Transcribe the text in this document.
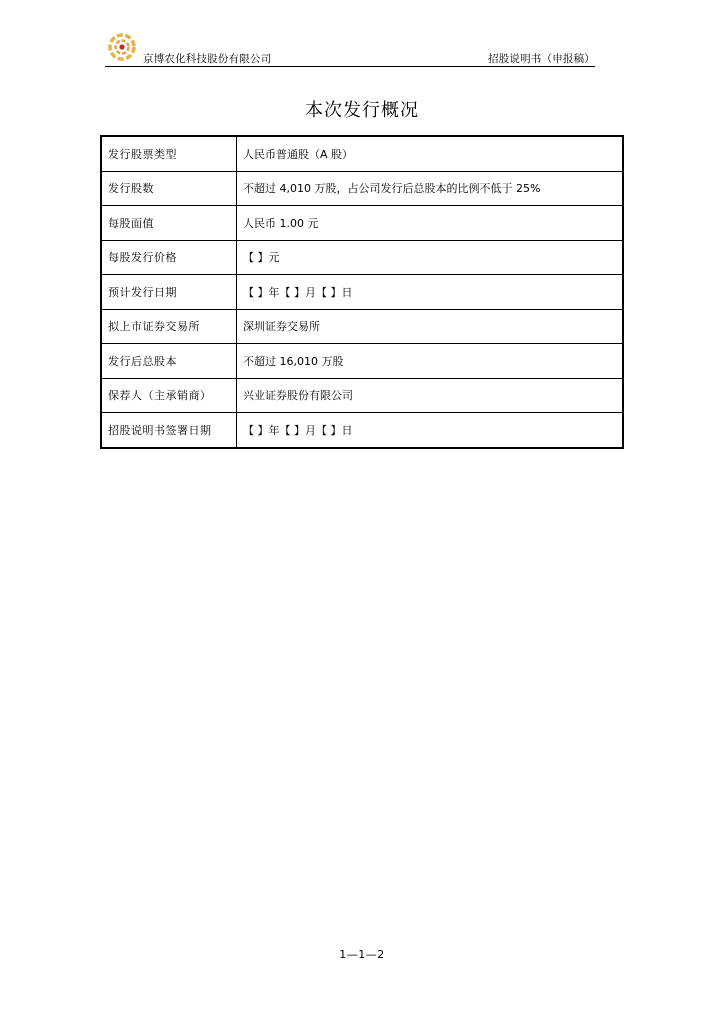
京博农化科技股份有限公司	招股说明书（申报稿）
本次发行概况
发行股票类型	人民币普通股（A 股）
发行股数	不超过 4,010 万股，占公司发行后总股本的比例不低于 25%
每股面值	人民币 1.00 元
每股发行价格	【 】元
预计发行日期	【 】年【 】月【 】日
拟上市证券交易所	深圳证券交易所
发行后总股本	不超过 16,010 万股
保荐人（主承销商）	兴业证券股份有限公司
招股说明书签署日期	【 】年【 】月【 】日
1—1—2
